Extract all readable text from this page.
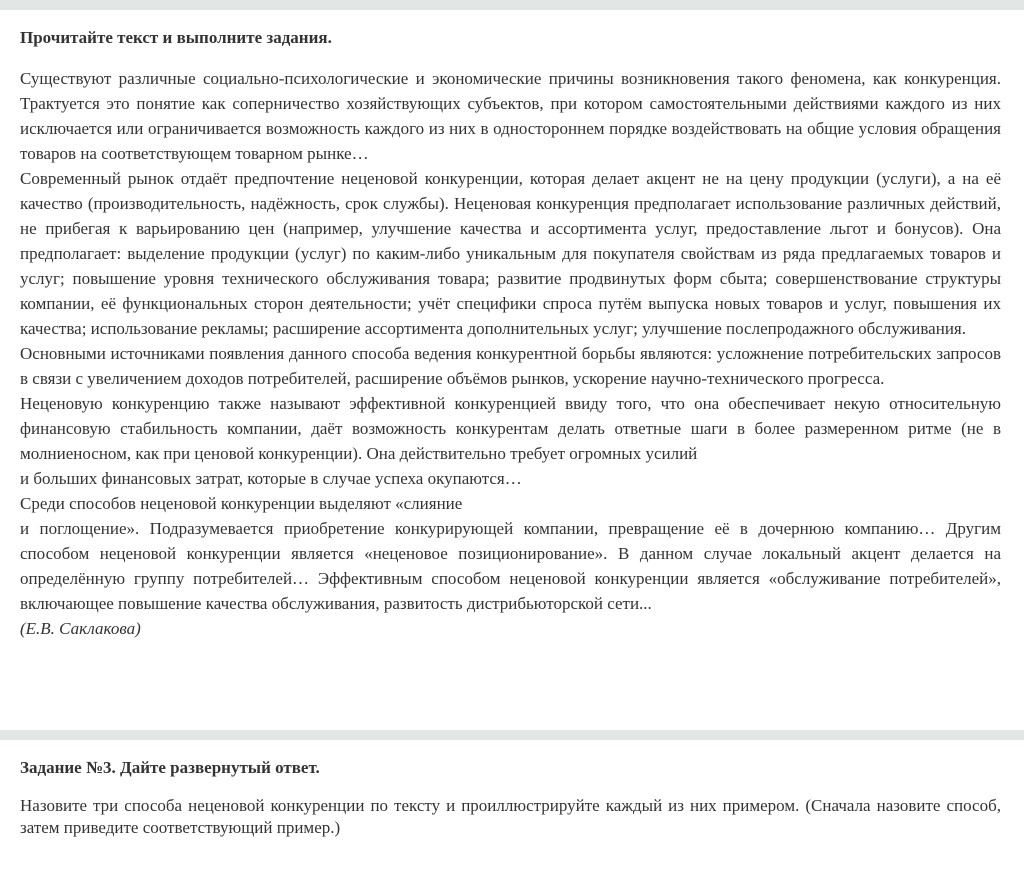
Прочитайте текст и выполните задания.

Существуют различные социально-психологические и экономические причины возникновения такого феномена, как конкуренция. Трактуется это понятие как соперничество хозяйствующих субъектов, при котором самостоятельными действиями каждого из них исключается или ограничивается возможность каждого из них в одностороннем порядке воздействовать на общие условия обращения товаров на соответствующем товарном рынке…

Современный рынок отдаёт предпочтение неценовой конкуренции, которая делает акцент не на цену продукции (услуги), а на её качество (производительность, надёжность, срок службы). Неценовая конкуренция предполагает использование различных действий, не прибегая к варьированию цен (например, улучшение качества и ассортимента услуг, предоставление льгот и бонусов). Она предполагает: выделение продукции (услуг) по каким-либо уникальным для покупателя свойствам из ряда предлагаемых товаров и услуг; повышение уровня технического обслуживания товара; развитие продвинутых форм сбыта; совершенствование структуры компании, её функциональных сторон деятельности; учёт специфики спроса путём выпуска новых товаров и услуг, повышения их качества; использование рекламы; расширение ассортимента дополнительных услуг; улучшение послепродажного обслуживания.

Основными источниками появления данного способа ведения конкурентной борьбы являются: усложнение потребительских запросов в связи с увеличением доходов потребителей, расширение объёмов рынков, ускорение научно-технического прогресса.

Неценовую конкуренцию также называют эффективной конкуренцией ввиду того, что она обеспечивает некую относительную финансовую стабильность компании, даёт возможность конкурентам делать ответные шаги в более размеренном ритме (не в молниеносном, как при ценовой конкуренции). Она действительно требует огромных усилий

и больших финансовых затрат, которые в случае успеха окупаются…

Среди способов неценовой конкуренции выделяют «слияние

и поглощение». Подразумевается приобретение конкурирующей компании, превращение её в дочернюю компанию… Другим способом неценовой конкуренции является «неценовое позиционирование». В данном случае локальный акцент делается на определённую группу потребителей… Эффективным способом неценовой конкуренции является «обслуживание потребителей», включающее повышение качества обслуживания, развитость дистрибьюторской сети...

(Е.В. Саклакова)

Задание №3. Дайте развернутый ответ.

Назовите три способа неценовой конкуренции по тексту и проиллюстрируйте каждый из них примером. (Сначала назовите способ, затем приведите соответствующий пример.)
